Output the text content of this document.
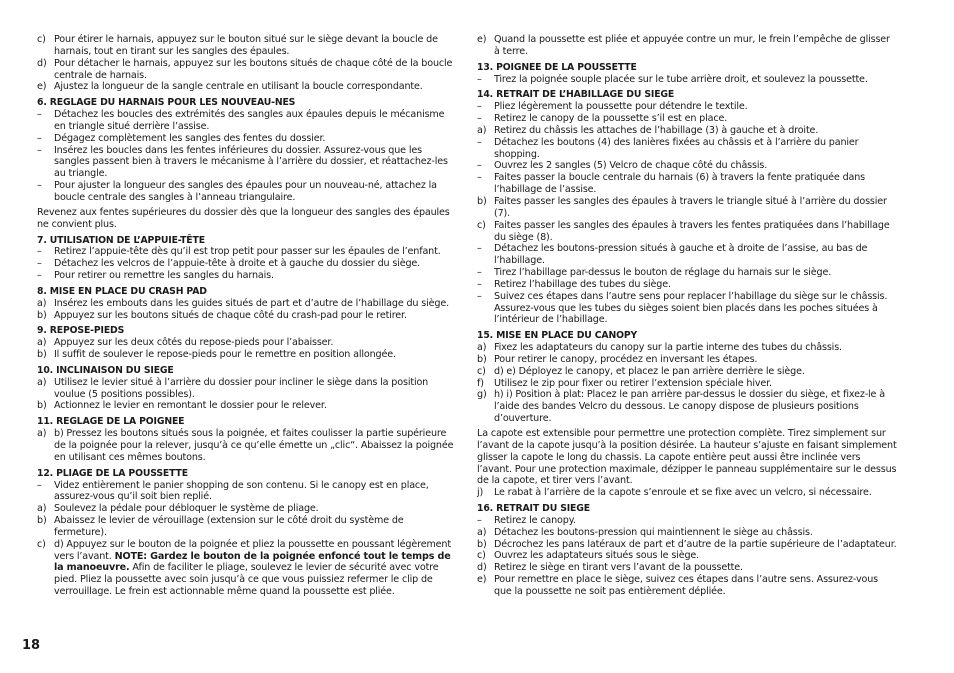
c) Pour étirer le harnais, appuyez sur le bouton situé sur le siège devant la boucle de harnais, tout en tirant sur les sangles des épaules.
d) Pour détacher le harnais, appuyez sur les boutons situés de chaque côté de la boucle centrale de harnais.
e) Ajustez la longueur de la sangle centrale en utilisant la boucle correspondante.
6. REGLAGE DU HARNAIS POUR LES NOUVEAU-NES
–	Détachez les boucles des extrémités des sangles aux épaules depuis le mécanisme en triangle situé derrière l’assise.
–	Dégagez complètement les sangles des fentes du dossier.
–	Insérez les boucles dans les fentes inférieures du dossier. Assurez-vous que les sangles passent bien à travers le mécanisme à l’arrière du dossier, et réattachez-les au triangle.
–	Pour ajuster la longueur des sangles des épaules pour un nouveau-né, attachez la boucle centrale des sangles à l’anneau triangulaire.
Revenez aux fentes supérieures du dossier dès que la longueur des sangles des épaules ne convient plus.
7. UTILISATION DE L’APPUIE-TÊTE
–	Retirez l’appuie-tête dès qu’il est trop petit pour passer sur les épaules de l’enfant.
–	Détachez les velcros de l’appuie-tête à droite et à gauche du dossier du siège.
–	Pour retirer ou remettre les sangles du harnais.
8. MISE EN PLACE DU CRASH PAD
a) Insérez les embouts dans les guides situés de part et d’autre de l’habillage du siège.
b) Appuyez sur les boutons situés de chaque côté du crash-pad pour le retirer.
9. REPOSE-PIEDS
a) Appuyez sur les deux côtés du repose-pieds pour l’abaisser.
b) Il suffit de soulever le repose-pieds pour le remettre en position allongée.
10. INCLINAISON DU SIEGE
a) Utilisez le levier situé à l’arrière du dossier pour incliner le siège dans la position voulue (5 positions possibles).
b) Actionnez le levier en remontant le dossier pour le relever.
11. REGLAGE DE LA POIGNEE
a) b) Pressez les boutons situés sous la poignée, et faites coulisser la partie supérieure de la poignée pour la relever, jusqu’à ce qu’elle émette un „clic“. Abaissez la poignée en utilisant ces mêmes boutons.
12. PLIAGE DE LA POUSSETTE
–	Videz entièrement le panier shopping de son contenu. Si le canopy est en place, assurez-vous qu’il soit bien replié.
a) Soulevez la pédale pour débloquer le système de pliage.
b) Abaissez le levier de vérouillage (extension sur le côté droit du système de fermeture).
c) d) Appuyez sur le bouton de la poignée et pliez la poussette en poussant légèrement vers l’avant. NOTE: Gardez le bouton de la poignée enfoncé tout le temps de la manoeuvre. Afin de faciliter le pliage, soulevez le levier de sécurité avec votre pied. Pliez la poussette avec soin jusqu’à ce que vous puissiez refermer le clip de verrouillage. Le frein est actionnable même quand la poussette est pliée.
e) Quand la poussette est pliée et appuyée contre un mur, le frein l’empêche de glisser à terre.
13. POIGNEE DE LA POUSSETTE
–	Tirez la poignée souple placée sur le tube arrière droit, et soulevez la poussette.
14. RETRAIT DE L’HABILLAGE DU SIEGE
–	Pliez légèrement la poussette pour détendre le textile.
–	Retirez le canopy de la poussette s’il est en place.
a) Retirez du châssis les attaches de l’habillage (3) à gauche et à droite.
–	Détachez les boutons (4) des lanières fixées au châssis et à l’arrière du panier shopping.
–	Ouvrez les 2 sangles (5) Velcro de chaque côté du châssis.
–	Faites passer la boucle centrale du harnais (6) à travers la fente pratiquée dans l’habillage de l’assise.
b) Faites passer les sangles des épaules à travers le triangle situé à l’arrière du dossier (7).
c) Faites passer les sangles des épaules à travers les fentes pratiquées dans l’habillage du siège (8).
–	Détachez les boutons-pression situés à gauche et à droite de l’assise, au bas de l’habillage.
–	Tirez l’habillage par-dessus le bouton de réglage du harnais sur le siège.
–	Retirez l’habillage des tubes du siège.
–	Suivez ces étapes dans l’autre sens pour replacer l’habillage du siège sur le châssis. Assurez-vous que les tubes du sièges soient bien placés dans les poches situées à l’intérieur de l’habillage.
15. MISE EN PLACE DU CANOPY
a) Fixez les adaptateurs du canopy sur la partie interne des tubes du châssis.
b) Pour retirer le canopy, procédez en inversant les étapes.
c) d) e) Déployez le canopy, et placez le pan arrière derrière le siège.
f)	Utilisez le zip pour fixer ou retirer l’extension spéciale hiver.
g) h) i) Position à plat: Placez le pan arrière par-dessus le dossier du siège, et fixez-le à l’aide des bandes Velcro du dessous. Le canopy dispose de plusieurs positions d’ouverture.
La capote est extensible pour permettre une protection complète. Tirez simplement sur l’avant de la capote jusqu’à la position désirée. La hauteur s’ajuste en faisant simplement glisser la capote le long du chassis. La capote entière peut aussi être inclinée vers l’avant. Pour une protection maximale, dézipper le panneau supplémentaire sur le dessus de la capote, et tirer vers l’avant.
j)	Le rabat à l’arrière de la capote s’enroule et se fixe avec un velcro, si nécessaire.
16. RETRAIT DU SIEGE
–	Retirez le canopy.
a) Détachez les boutons-pression qui maintiennent le siège au châssis.
b) Décrochez les pans latéraux de part et d’autre de la partie supérieure de l’adaptateur.
c) Ouvrez les adaptateurs situés sous le siège.
d) Retirez le siège en tirant vers l’avant de la poussette.
e) Pour remettre en place le siège, suivez ces étapes dans l’autre sens. Assurez-vous que la poussette ne soit pas entièrement dépliée.
18
